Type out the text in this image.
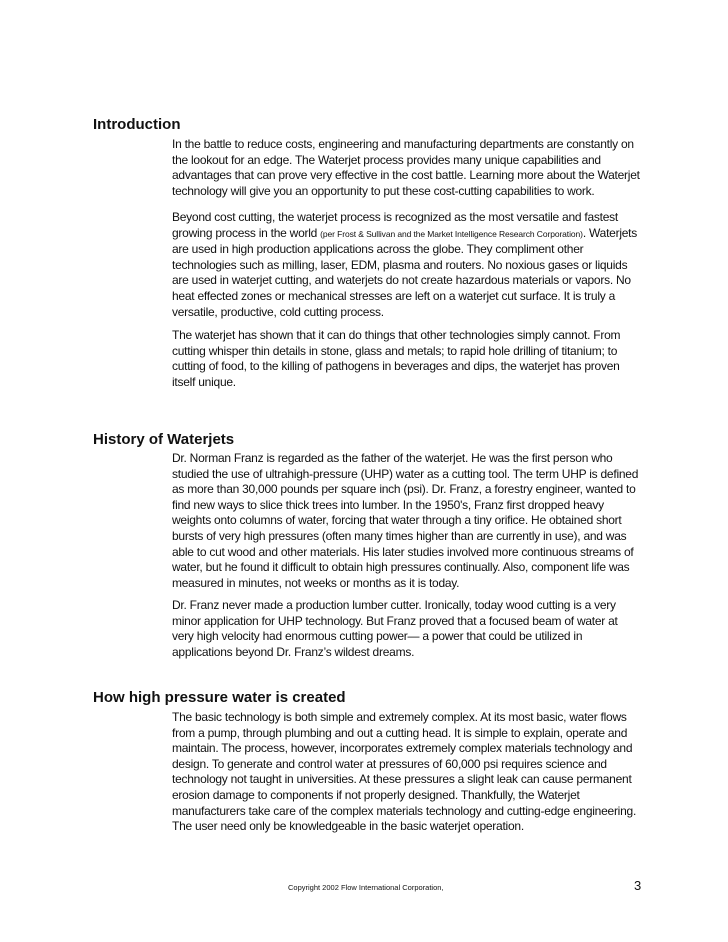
Introduction

In the battle to reduce costs, engineering and manufacturing departments are constantly on the lookout for an edge. The Waterjet process provides many unique capabilities and advantages that can prove very effective in the cost battle. Learning more about the Waterjet technology will give you an opportunity to put these cost-cutting capabilities to work.

Beyond cost cutting, the waterjet process is recognized as the most versatile and fastest growing process in the world (per Frost & Sullivan and the Market Intelligence Research Corporation). Waterjets are used in high production applications across the globe. They compliment other technologies such as milling, laser, EDM, plasma and routers. No noxious gases or liquids are used in waterjet cutting, and waterjets do not create hazardous materials or vapors. No heat effected zones or mechanical stresses are left on a waterjet cut surface. It is truly a versatile, productive, cold cutting process.

The waterjet has shown that it can do things that other technologies simply cannot. From cutting whisper thin details in stone, glass and metals; to rapid hole drilling of titanium; to cutting of food, to the killing of pathogens in beverages and dips, the waterjet has proven itself unique.

History of Waterjets

Dr. Norman Franz is regarded as the father of the waterjet. He was the first person who studied the use of ultrahigh-pressure (UHP) water as a cutting tool. The term UHP is defined as more than 30,000 pounds per square inch (psi). Dr. Franz, a forestry engineer, wanted to find new ways to slice thick trees into lumber. In the 1950's, Franz first dropped heavy weights onto columns of water, forcing that water through a tiny orifice. He obtained short bursts of very high pressures (often many times higher than are currently in use), and was able to cut wood and other materials. His later studies involved more continuous streams of water, but he found it difficult to obtain high pressures continually. Also, component life was measured in minutes, not weeks or months as it is today.

Dr. Franz never made a production lumber cutter. Ironically, today wood cutting is a very minor application for UHP technology. But Franz proved that a focused beam of water at very high velocity had enormous cutting power— a power that could be utilized in applications beyond Dr. Franz’s wildest dreams.

How high pressure water is created

The basic technology is both simple and extremely complex. At its most basic, water flows from a pump, through plumbing and out a cutting head. It is simple to explain, operate and maintain. The process, however, incorporates extremely complex materials technology and design. To generate and control water at pressures of 60,000 psi requires science and technology not taught in universities. At these pressures a slight leak can cause permanent erosion damage to components if not properly designed. Thankfully, the Waterjet manufacturers take care of the complex materials technology and cutting-edge engineering. The user need only be knowledgeable in the basic waterjet operation.

Copyright 2002 Flow International Corporation,	3
